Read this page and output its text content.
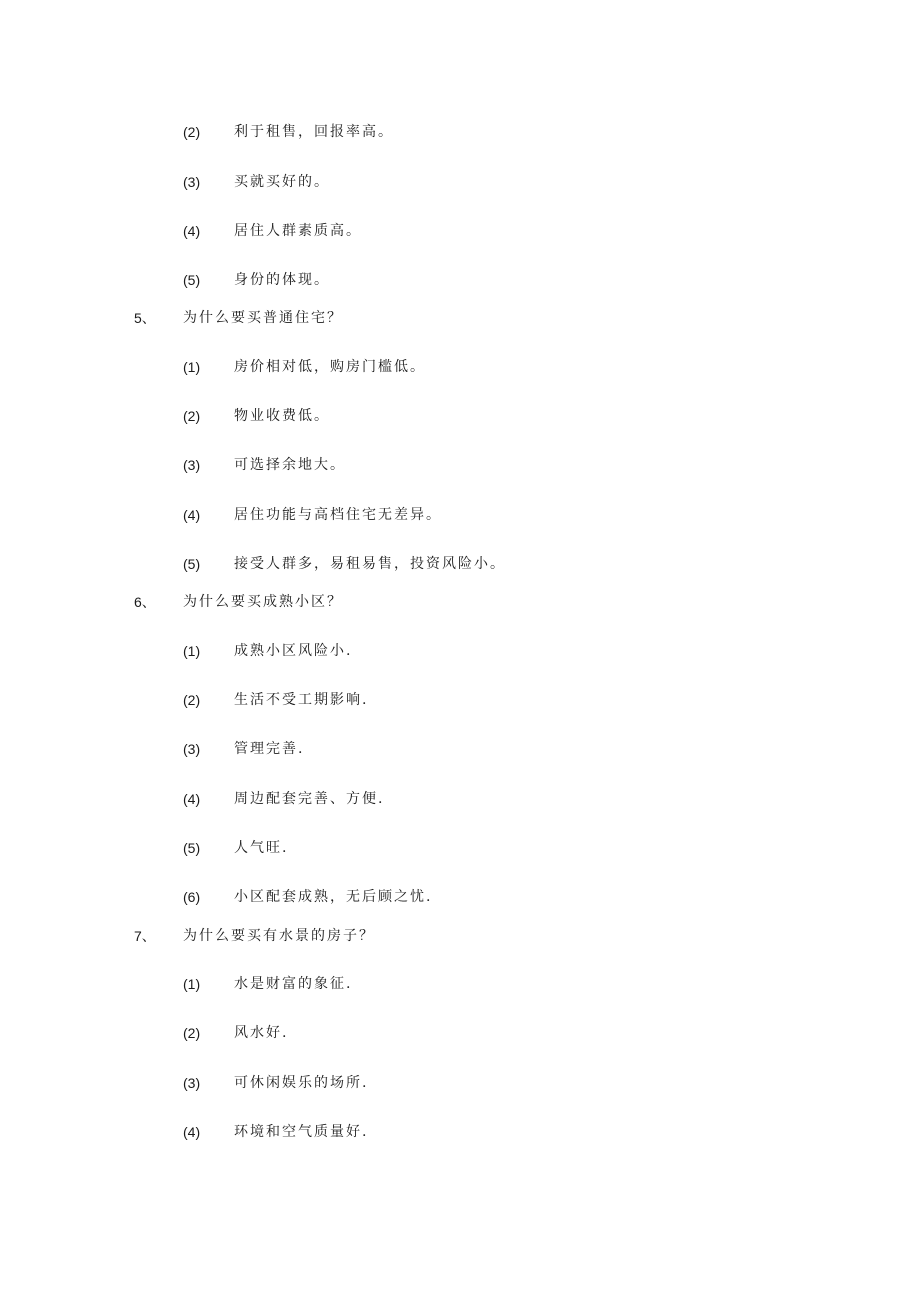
(2) 利于租售，回报率高。
(3) 买就买好的。
(4) 居住人群素质高。
(5) 身份的体现。
5、 为什么要买普通住宅？
(1) 房价相对低，购房门槛低。
(2) 物业收费低。
(3) 可选择余地大。
(4) 居住功能与高档住宅无差异。
(5) 接受人群多，易租易售，投资风险小。
6、 为什么要买成熟小区？
(1) 成熟小区风险小.
(2) 生活不受工期影响.
(3) 管理完善.
(4) 周边配套完善、方便.
(5) 人气旺.
(6) 小区配套成熟，无后顾之忧.
7、 为什么要买有水景的房子？
(1) 水是财富的象征.
(2) 风水好.
(3) 可休闲娱乐的场所.
(4) 环境和空气质量好.
